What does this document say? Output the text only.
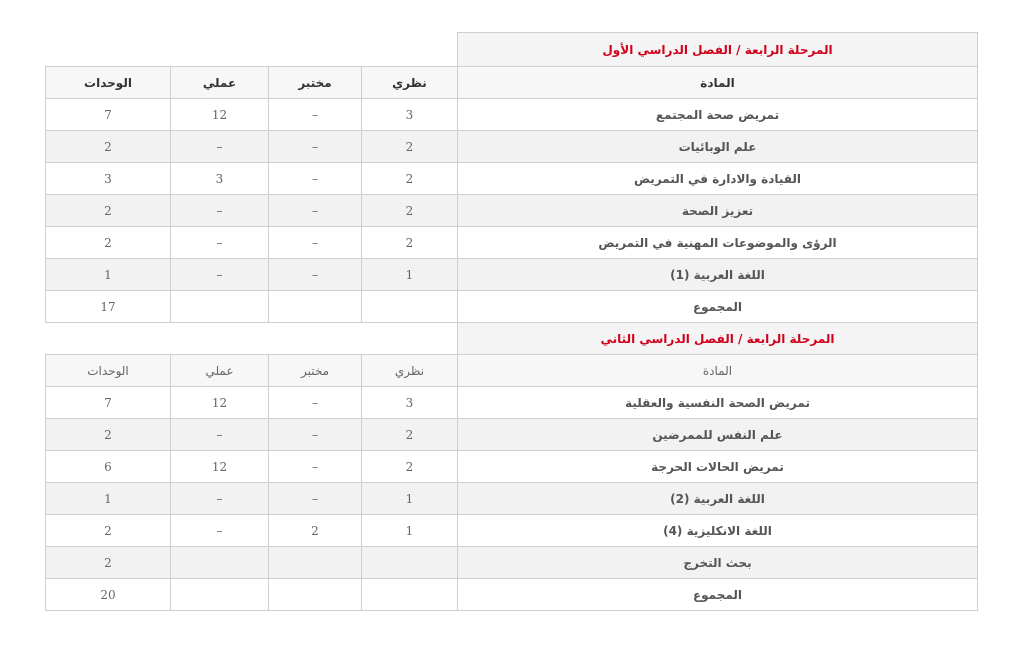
				المرحلة الرابعة / الفصل الدراسي الأول
الوحدات	عملي	مختبر	نظري	المادة
7	12	–	3	تمريض صحة المجتمع
2	–	–	2	علم الوبائيات
3	3	–	2	القيادة والادارة في التمريض
2	–	–	2	تعزيز الصحة
2	–	–	2	الرؤى والموضوعات المهنية في التمريض
1	–	–	1	اللغة العربية (1)
17				المجموع
				المرحلة الرابعة / الفصل الدراسي الثاني
الوحدات	عملي	مختبر	نظري	المادة
7	12	–	3	تمريض الصحة النفسية والعقلية
2	–	–	2	علم النفس للممرضين
6	12	–	2	تمريض الحالات الحرجة
1	–	–	1	اللغة العربية (2)
2	–	2	1	اللغة الانكليزية (4)
2				بحث التخرج
20				المجموع
